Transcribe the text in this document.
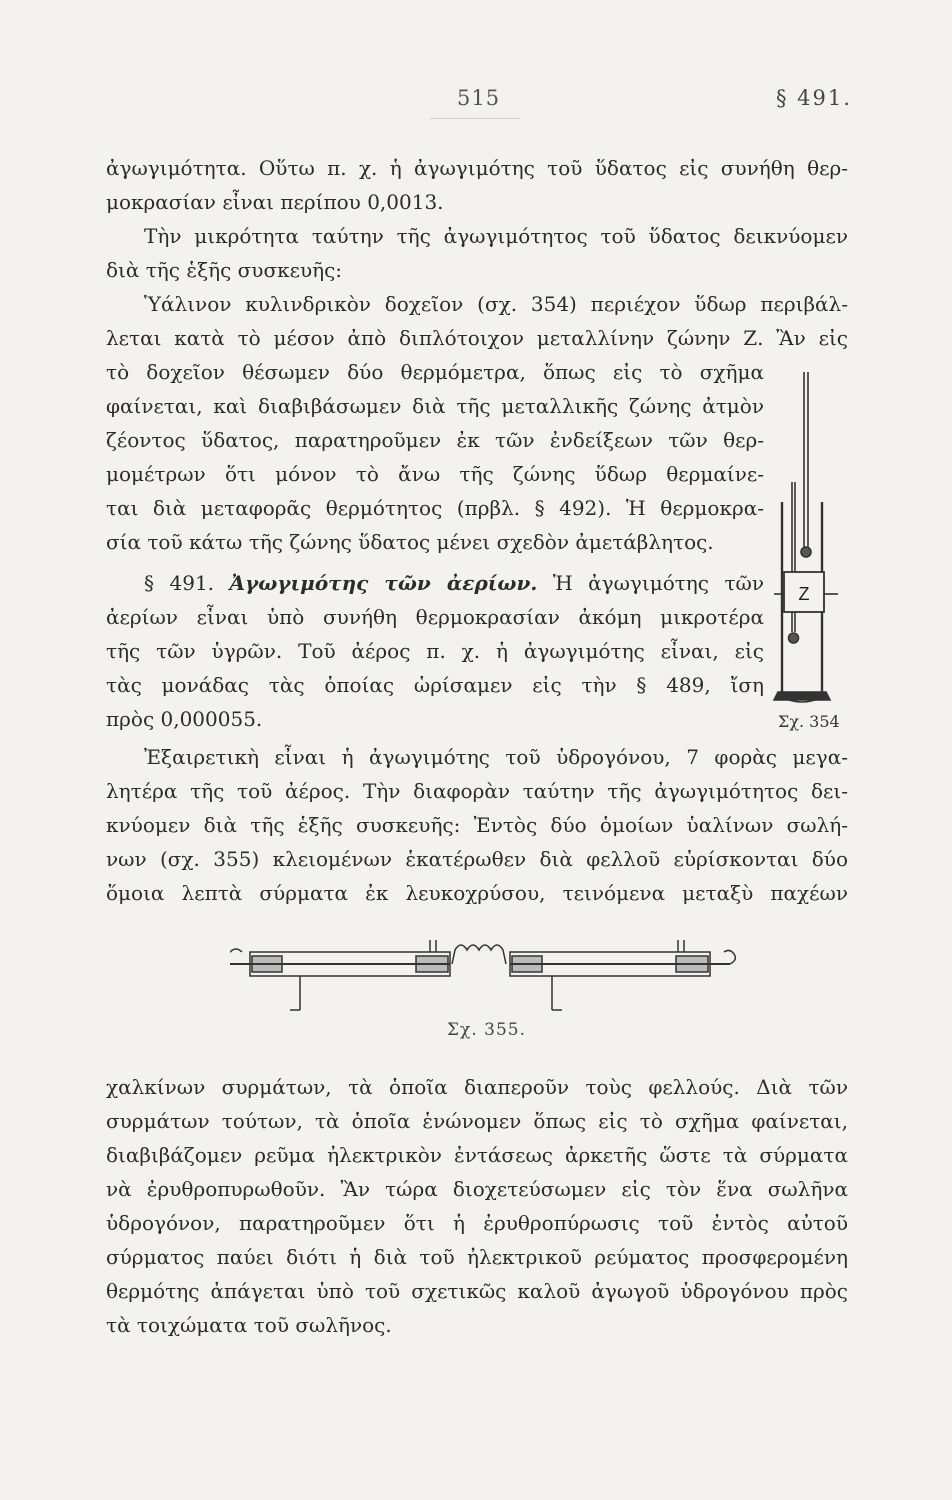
515	§ 491.
ἀγωγιμότητα. Οὕτω π. χ. ἡ ἀγωγιμότης τοῦ ὕδατος εἰς συνήθη θερ-
μοκρασίαν εἶναι περίπου 0,0013.
Τὴν μικρότητα ταύτην τῆς ἀγωγιμότητος τοῦ ὕδατος δεικνύομεν
διὰ τῆς ἑξῆς συσκευῆς:
Ὑάλινον κυλινδρικὸν δοχεῖον (σχ. 354) περιέχον ὕδωρ περιβάλ-
λεται κατὰ τὸ μέσον ἀπὸ διπλότοιχον μεταλλίνην ζώνην Ζ. Ἂν εἰς
τὸ δοχεῖον θέσωμεν δύο θερμόμετρα, ὅπως εἰς τὸ σχῆμα
φαίνεται, καὶ διαβιβάσωμεν διὰ τῆς μεταλλικῆς ζώνης ἀτμὸν
ζέοντος ὕδατος, παρατηροῦμεν ἐκ τῶν ἐνδείξεων τῶν θερ-
μομέτρων ὅτι μόνον τὸ ἄνω τῆς ζώνης ὕδωρ θερμαίνε-
ται διὰ μεταφορᾶς θερμότητος (πρβλ. § 492). Ἡ θερμοκρα-
σία τοῦ κάτω τῆς ζώνης ὕδατος μένει σχεδὸν ἀμετάβλητος.
§ 491. Ἀγωγιμότης τῶν ἀερίων. Ἡ ἀγωγιμότης τῶν
ἀερίων εἶναι ὑπὸ συνήθη θερμοκρασίαν ἀκόμη μικροτέρα
τῆς τῶν ὑγρῶν. Τοῦ ἀέρος π. χ. ἡ ἀγωγιμότης εἶναι, εἰς
τὰς μονάδας τὰς ὁποίας ὡρίσαμεν εἰς τὴν § 489, ἴση
πρὸς 0,000055.
Ἐξαιρετικὴ εἶναι ἡ ἀγωγιμότης τοῦ ὑδρογόνου, 7 φορὰς μεγα-
λητέρα τῆς τοῦ ἀέρος. Τὴν διαφορὰν ταύτην τῆς ἀγωγιμότητος δει-
κνύομεν διὰ τῆς ἑξῆς συσκευῆς: Ἐντὸς δύο ὁμοίων ὑαλίνων σωλή-
νων (σχ. 355) κλειομένων ἑκατέρωθεν διὰ φελλοῦ εὑρίσκονται δύο
ὅμοια λεπτὰ σύρματα ἐκ λευκοχρύσου, τεινόμενα μεταξὺ παχέων
Z
Σχ. 354
Σχ. 355.
χαλκίνων συρμάτων, τὰ ὁποῖα διαπεροῦν τοὺς φελλούς. Διὰ τῶν
συρμάτων τούτων, τὰ ὁποῖα ἑνώνομεν ὅπως εἰς τὸ σχῆμα φαίνεται,
διαβιβάζομεν ρεῦμα ἠλεκτρικὸν ἐντάσεως ἀρκετῆς ὥστε τὰ σύρματα
νὰ ἐρυθροπυρωθοῦν. Ἂν τώρα διοχετεύσωμεν εἰς τὸν ἕνα σωλῆνα
ὑδρογόνον, παρατηροῦμεν ὅτι ἡ ἐρυθροπύρωσις τοῦ ἐντὸς αὐτοῦ
σύρματος παύει διότι ἡ διὰ τοῦ ἠλεκτρικοῦ ρεύματος προσφερομένη
θερμότης ἀπάγεται ὑπὸ τοῦ σχετικῶς καλοῦ ἀγωγοῦ ὑδρογόνου πρὸς
τὰ τοιχώματα τοῦ σωλῆνος.
